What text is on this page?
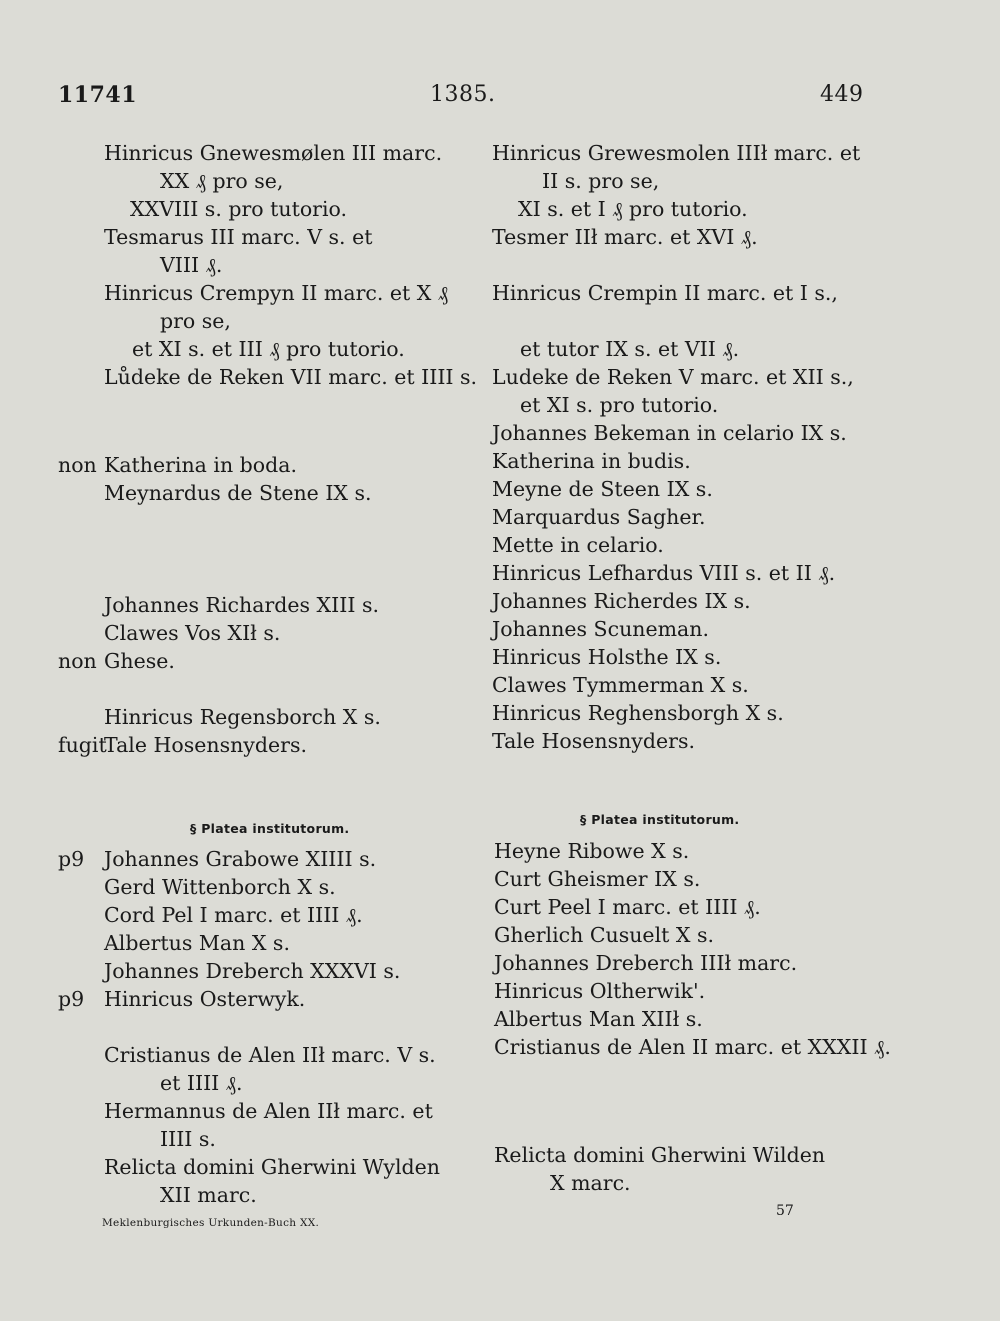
11741	1385.	449
Hinricus Gnewesmølen III marc.
XX ₰ pro se,
XXVIII s. pro tutorio.
Tesmarus III marc. V s. et
VIII ₰.
Hinricus Crempyn II marc. et X ₰
pro se,
et XI s. et III ₰ pro tutorio.
Lůdeke de Reken VII marc. et IIII s.
Katherina in boda.
Meynardus de Stene IX s.
Johannes Richardes XIII s.
Clawes Vos XIł s.
Ghese.
Hinricus Regensborch X s.
Tale Hosensnyders.
Johannes Grabowe XIIII s.
Gerd Wittenborch X s.
Cord Pel I marc. et IIII ₰.
Albertus Man X s.
Johannes Dreberch XXXVI s.
Hinricus Osterwyk.
Cristianus de Alen IIł marc. V s.
et IIII ₰.
Hermannus de Alen IIł marc. et
IIII s.
Relicta domini Gherwini Wylden
XII marc.
non
non
fugit
p9
p9
§ Platea institutorum.
Hinricus Grewesmolen IIIł marc. et
II s. pro se,
XI s. et I ₰ pro tutorio.
Tesmer IIł marc. et XVI ₰.
Hinricus Crempin II marc. et I s.,
et tutor IX s. et VII ₰.
Ludeke de Reken V marc. et XII s.,
et XI s. pro tutorio.
Johannes Bekeman in celario IX s.
Katherina in budis.
Meyne de Steen IX s.
Marquardus Sagher.
Mette in celario.
Hinricus Lefhardus VIII s. et II ₰.
Johannes Richerdes IX s.
Johannes Scuneman.
Hinricus Holsthe IX s.
Clawes Tymmerman X s.
Hinricus Reghensborgh X s.
Tale Hosensnyders.
Heyne Ribowe X s.
Curt Gheismer IX s.
Curt Peel I marc. et IIII ₰.
Gherlich Cusuelt X s.
Johannes Dreberch IIIł marc.
Hinricus Oltherwik'.
Albertus Man XIIł s.
Cristianus de Alen II marc. et XXXII ₰.
Relicta domini Gherwini Wilden
X marc.
§ Platea institutorum.
Meklenburgisches Urkunden-Buch XX.
57
